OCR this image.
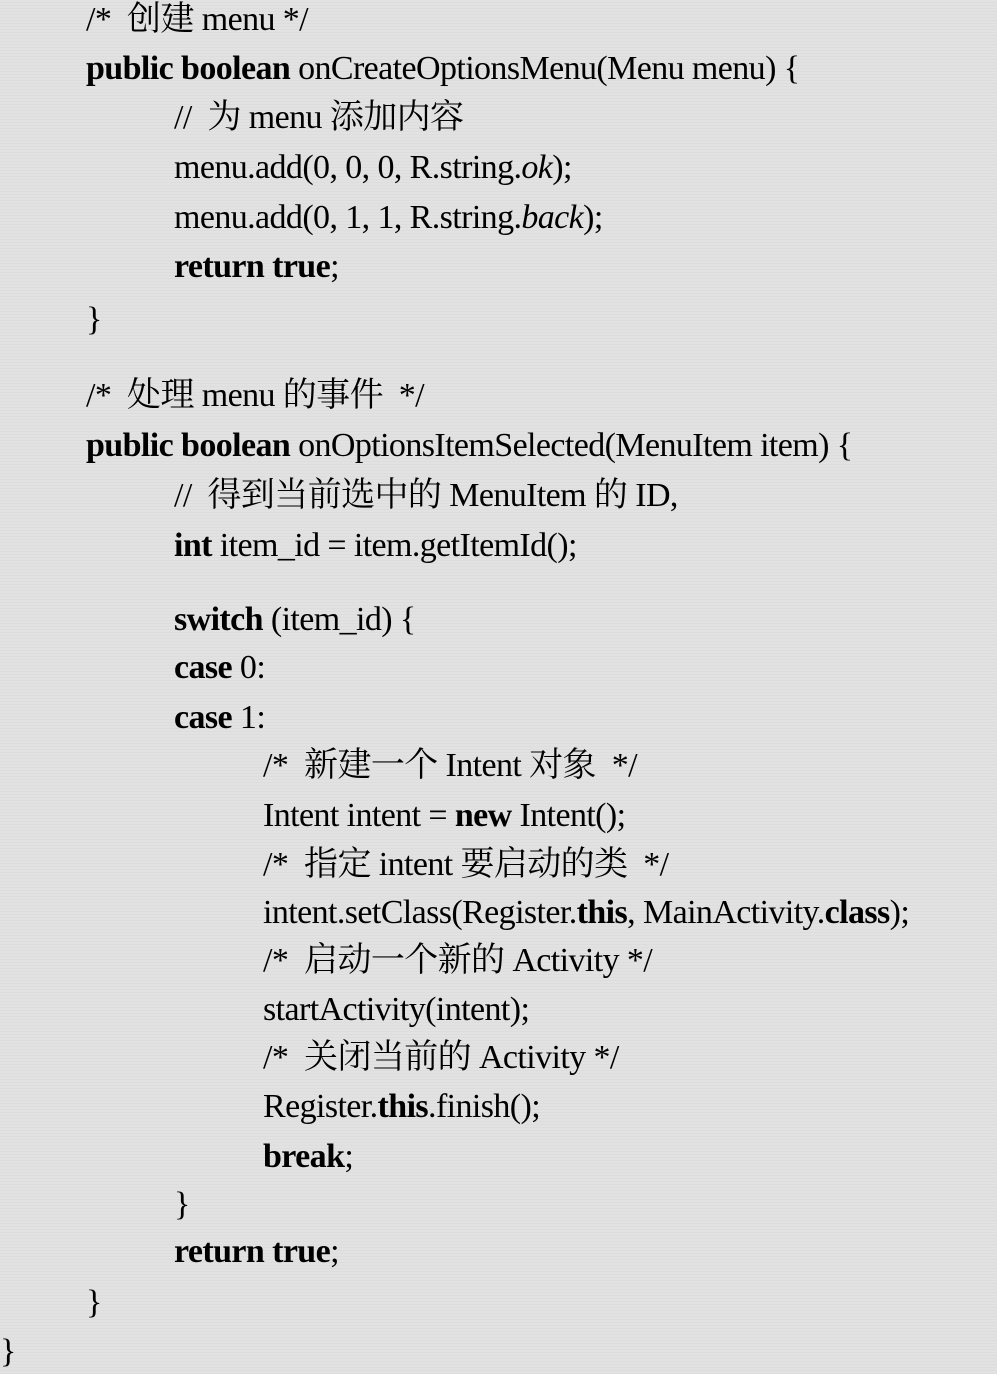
/*  创建 menu */
public boolean onCreateOptionsMenu(Menu menu) {
//  为 menu 添加内容
menu.add(0, 0, 0, R.string.ok);
menu.add(0, 1, 1, R.string.back);
return true;
}
/*  处理 menu 的事件  */
public boolean onOptionsItemSelected(MenuItem item) {
//  得到当前选中的 MenuItem 的 ID,
int item_id = item.getItemId();
switch (item_id) {
case 0:
case 1:
/*  新建一个 Intent 对象  */
Intent intent = new Intent();
/*  指定 intent 要启动的类  */
intent.setClass(Register.this, MainActivity.class);
/*  启动一个新的 Activity */
startActivity(intent);
/*  关闭当前的 Activity */
Register.this.finish();
break;
}
return true;
}
}
